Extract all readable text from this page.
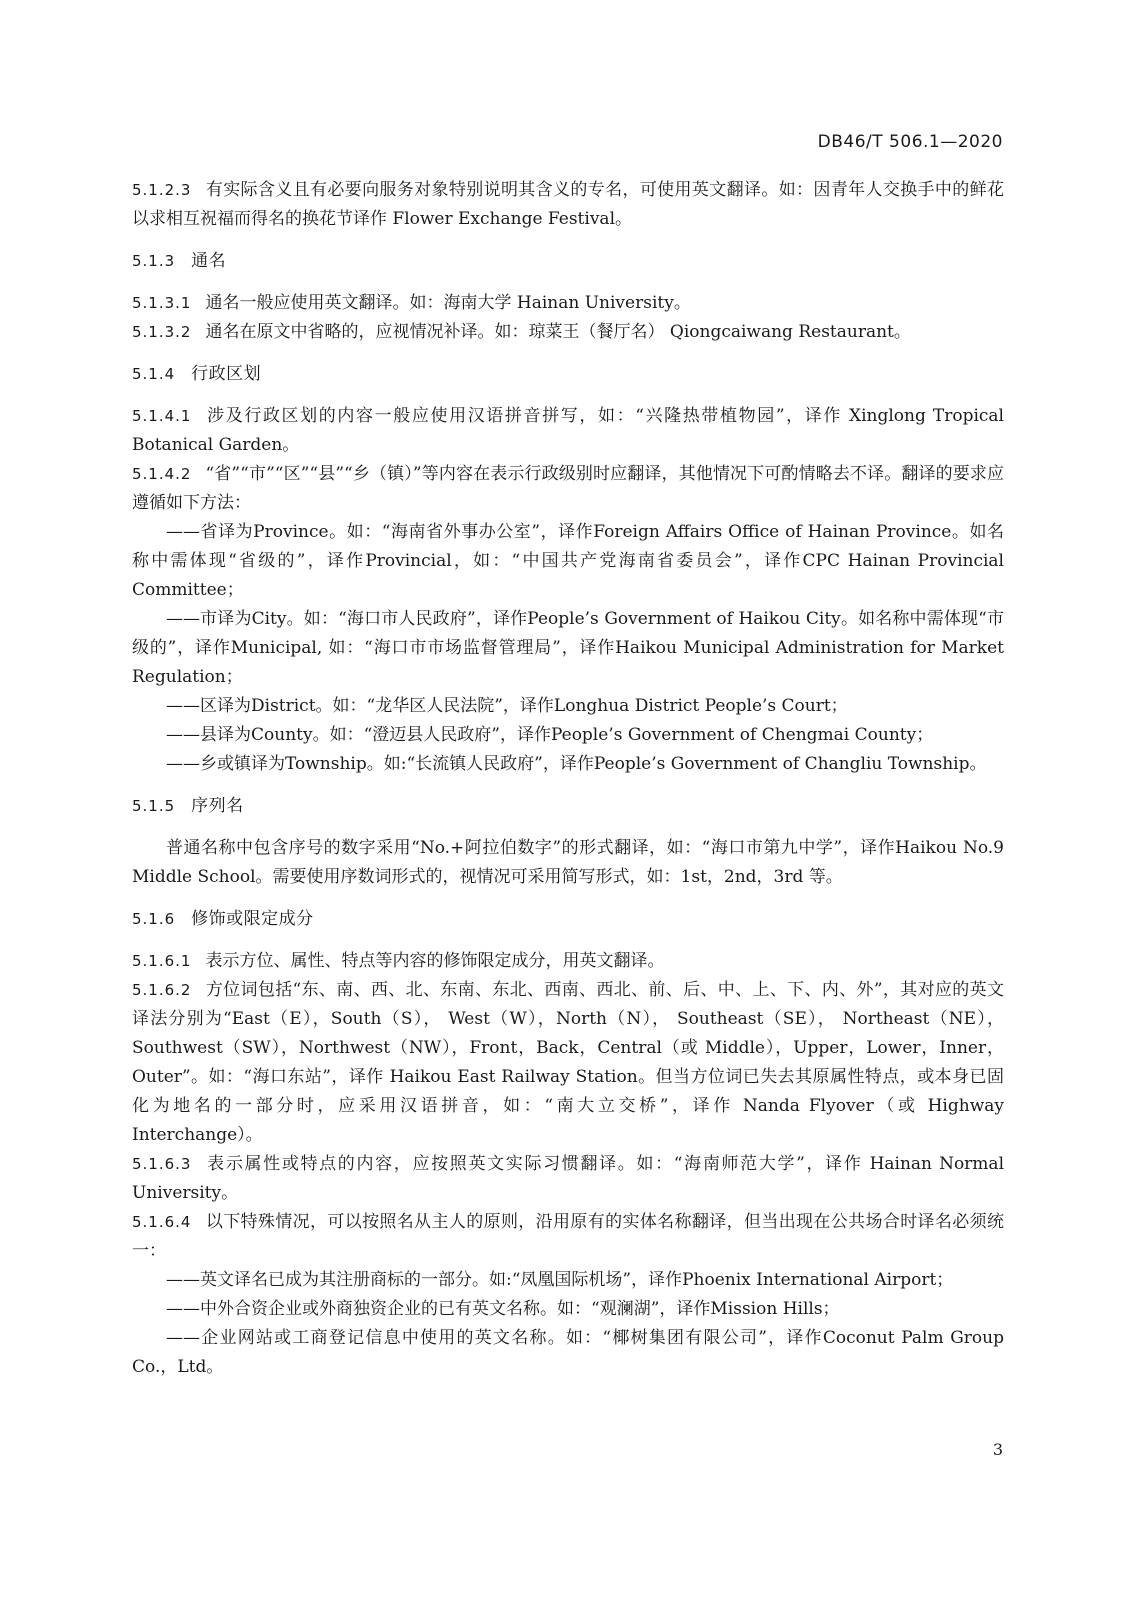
DB46/T 506.1—2020

5.1.2.3 有实际含义且有必要向服务对象特别说明其含义的专名，可使用英文翻译。如：因青年人交换手中的鲜花以求相互祝福而得名的换花节译作 Flower Exchange Festival。

5.1.3 通名

5.1.3.1 通名一般应使用英文翻译。如：海南大学 Hainan University。

5.1.3.2 通名在原文中省略的，应视情况补译。如：琼菜王（餐厅名） Qiongcaiwang Restaurant。

5.1.4 行政区划

5.1.4.1 涉及行政区划的内容一般应使用汉语拼音拼写，如：“兴隆热带植物园”，译作 Xinglong Tropical Botanical Garden。

5.1.4.2 “省”“市”“区”“县”“乡（镇）”等内容在表示行政级别时应翻译，其他情况下可酌情略去不译。翻译的要求应遵循如下方法：

——省译为Province。如：“海南省外事办公室”，译作Foreign Affairs Office of Hainan Province。如名称中需体现“省级的”，译作Provincial，如：“中国共产党海南省委员会”，译作CPC Hainan Provincial Committee；

——市译为City。如：“海口市人民政府”，译作People’s Government of Haikou City。如名称中需体现“市级的”，译作Municipal, 如：“海口市市场监督管理局”，译作Haikou Municipal Administration for Market Regulation；

——区译为District。如：“龙华区人民法院”，译作Longhua District People’s Court；

——县译为County。如：“澄迈县人民政府”，译作People’s Government of Chengmai County；

——乡或镇译为Township。如:“长流镇人民政府”，译作People’s Government of Changliu Township。

5.1.5 序列名

普通名称中包含序号的数字采用“No.+阿拉伯数字”的形式翻译，如：“海口市第九中学”，译作Haikou No.9 Middle School。需要使用序数词形式的，视情况可采用简写形式，如：1st，2nd，3rd 等。

5.1.6 修饰或限定成分

5.1.6.1 表示方位、属性、特点等内容的修饰限定成分，用英文翻译。

5.1.6.2 方位词包括“东、南、西、北、东南、东北、西南、西北、前、后、中、上、下、内、外”，其对应的英文译法分别为“East（E），South（S）， West（W），North（N）， Southeast（SE）， Northeast（NE），Southwest（SW），Northwest（NW），Front，Back，Central（或 Middle），Upper，Lower，Inner，Outer”。如：“海口东站”，译作 Haikou East Railway Station。但当方位词已失去其原属性特点，或本身已固化为地名的一部分时，应采用汉语拼音，如：“南大立交桥”，译作 Nanda Flyover（或 Highway Interchange）。

5.1.6.3 表示属性或特点的内容，应按照英文实际习惯翻译。如：“海南师范大学”，译作 Hainan Normal University。

5.1.6.4 以下特殊情况，可以按照名从主人的原则，沿用原有的实体名称翻译，但当出现在公共场合时译名必须统一：

——英文译名已成为其注册商标的一部分。如:“凤凰国际机场”，译作Phoenix International Airport；

——中外合资企业或外商独资企业的已有英文名称。如：“观澜湖”，译作Mission Hills；

——企业网站或工商登记信息中使用的英文名称。如：“椰树集团有限公司”，译作Coconut Palm Group Co.，Ltd。

3
